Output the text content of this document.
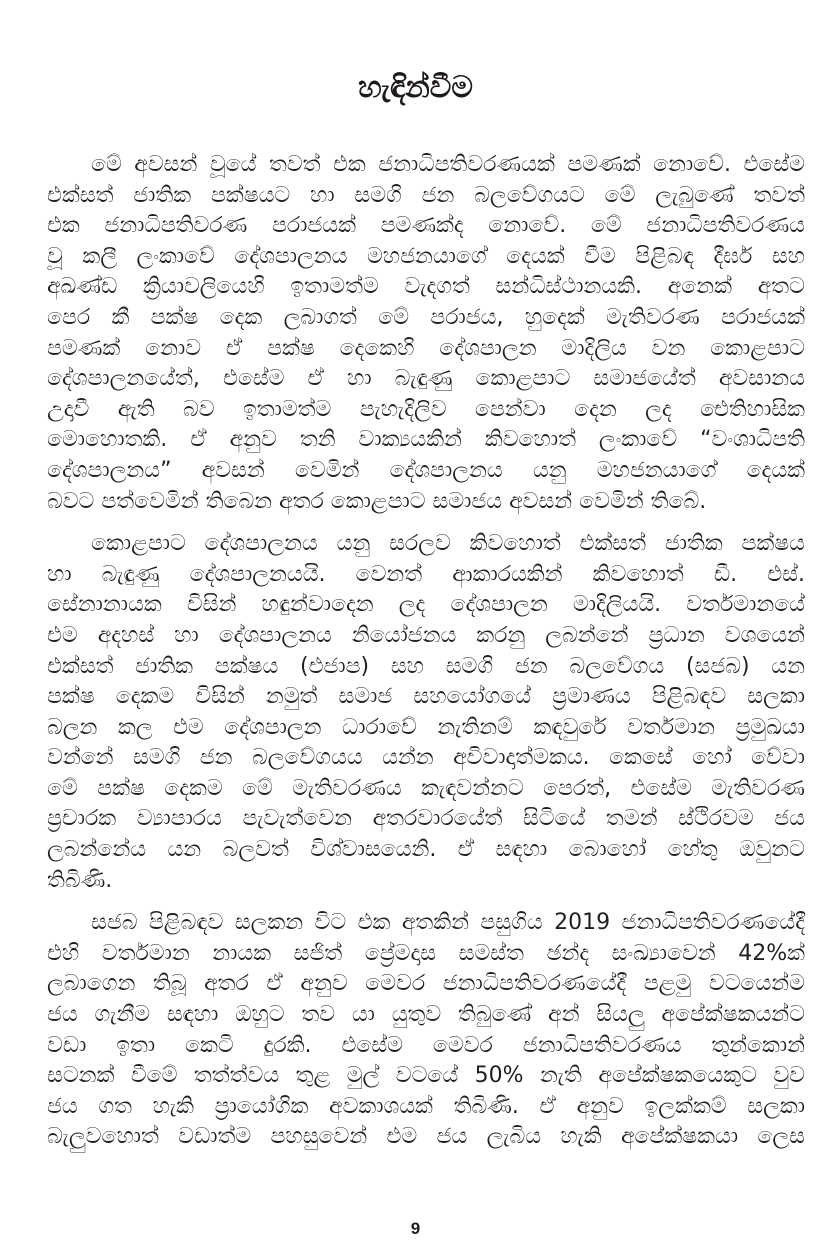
හැඳින්වීම
මේ අවසන් වූයේ තවත් එක ජනාධිපතිවරණයක් පමණක් නොවේ. එසේම
එක්සත් ජාතික පක්ෂයට හා සමගි ජන බලවේගයට මේ ලැබුණේ තවත්
එක ජනාධිපතිවරණ පරාජයක් පමණක්ද නොවේ. මේ ජනාධිපතිවරණය
වූ කලී ලංකාවේ දේශපාලනය මහජනයාගේ දෙයක් වීම පිළිබඳ දීර්ඝ සහ
අඛණ්ඩ ක්‍රියාවලියෙහි ඉතාමත්ම වැදගත් සන්ධිස්ථානයකි. අනෙක් අතට
පෙර කී පක්ෂ දෙක ලබාගත් මේ පරාජය, හුදෙක් මැතිවරණ පරාජයක්
පමණක් නොව ඒ පක්ෂ දෙකෙහි දේශපාලන මාදිලිය වන කොළපාට
දේශපාලනයේත්, එසේම ඒ හා බැඳුණු කොළපාට සමාජයේත් අවසානය
උදාවී ඇති බව ඉතාමත්ම පැහැදිලිව පෙන්වා දෙන ලද ඓතිහාසික
මොහොතකි. ඒ අනුව තනි වාක්‍යයකින් කිවහොත් ලංකාවේ “වංශාධිපති
දේශපාලනය” අවසන් වෙමින් දේශපාලනය යනු මහජනයාගේ දෙයක්
බවට පත්වෙමින් තිබෙන අතර කොළපාට සමාජය අවසන් වෙමින් තිබේ.
කොළපාට දේශපාලනය යනු සරලව කිවහොත් එක්සත් ජාතික පක්ෂය
හා බැඳුණු දේශපාලනයයි. වෙනත් ආකාරයකින් කිවහොත් ඩී. එස්.
සේනානායක විසින් හඳුන්වාදෙන ලද දේශපාලන මාදිලියයි. වර්තමානයේ
එම අදහස් හා දේශපාලනය නියෝජනය කරනු ලබන්නේ ප්‍රධාන වශයෙන්
එක්සත් ජාතික පක්ෂය (එජාප) සහ සමගි ජන බලවේගය (සජබ) යන
පක්ෂ දෙකම විසින් නමුත් සමාජ සහයෝගයේ ප්‍රමාණය පිළිබඳව සලකා
බලන කල එම දේශපාලන ධාරාවේ නැතිනම් කඳවුරේ වර්තමාන ප්‍රමුඛයා
වන්නේ සමගි ජන බලවේගයය යන්න අවිවාදාත්මකය. කෙසේ හෝ වේවා
මේ පක්ෂ දෙකම මේ මැතිවරණය කැඳවන්නට පෙරත්, එසේම මැතිවරණ
ප්‍රචාරක ව්‍යාපාරය පැවැත්වෙන අතරවාරයේත් සිටියේ තමන් ස්ථිරවම ජය
ලබන්නේය යන බලවත් විශ්වාසයෙනි. ඒ සඳහා බොහෝ හේතු ඔවුනට
තිබිණි.
සජබ පිළිබඳව සලකන විට එක අතකින් පසුගිය 2019 ජනාධිපතිවරණයේදී
එහි වර්තමාන නායක සජිත් ප්‍රේමදාස සමස්ත ඡන්ද සංඛ්‍යාවෙන් 42%ක්
ලබාගෙන තිබූ අතර ඒ අනුව මෙවර ජනාධිපතිවරණයේදී පළමු වටයෙන්ම
ජය ගැනීම සඳහා ඔහුට තව යා යුතුව තිබුණේ අන් සියලු අපේක්ෂකයන්ට
වඩා ඉතා කෙටි දුරකි. එසේම මෙවර ජනාධිපතිවරණය තුන්කොන්
සටනක් වීමේ තත්ත්වය තුළ මුල් වටයේ 50% නැති අපේක්ෂකයෙකුට වුව
ජය ගත හැකි ප්‍රායෝගික අවකාශයක් තිබිණි. ඒ අනුව ඉලක්කම් සලකා
බැලුවහොත් වඩාත්ම පහසුවෙන් එම ජය ලැබිය හැකි අපේක්ෂකයා ලෙස
9
